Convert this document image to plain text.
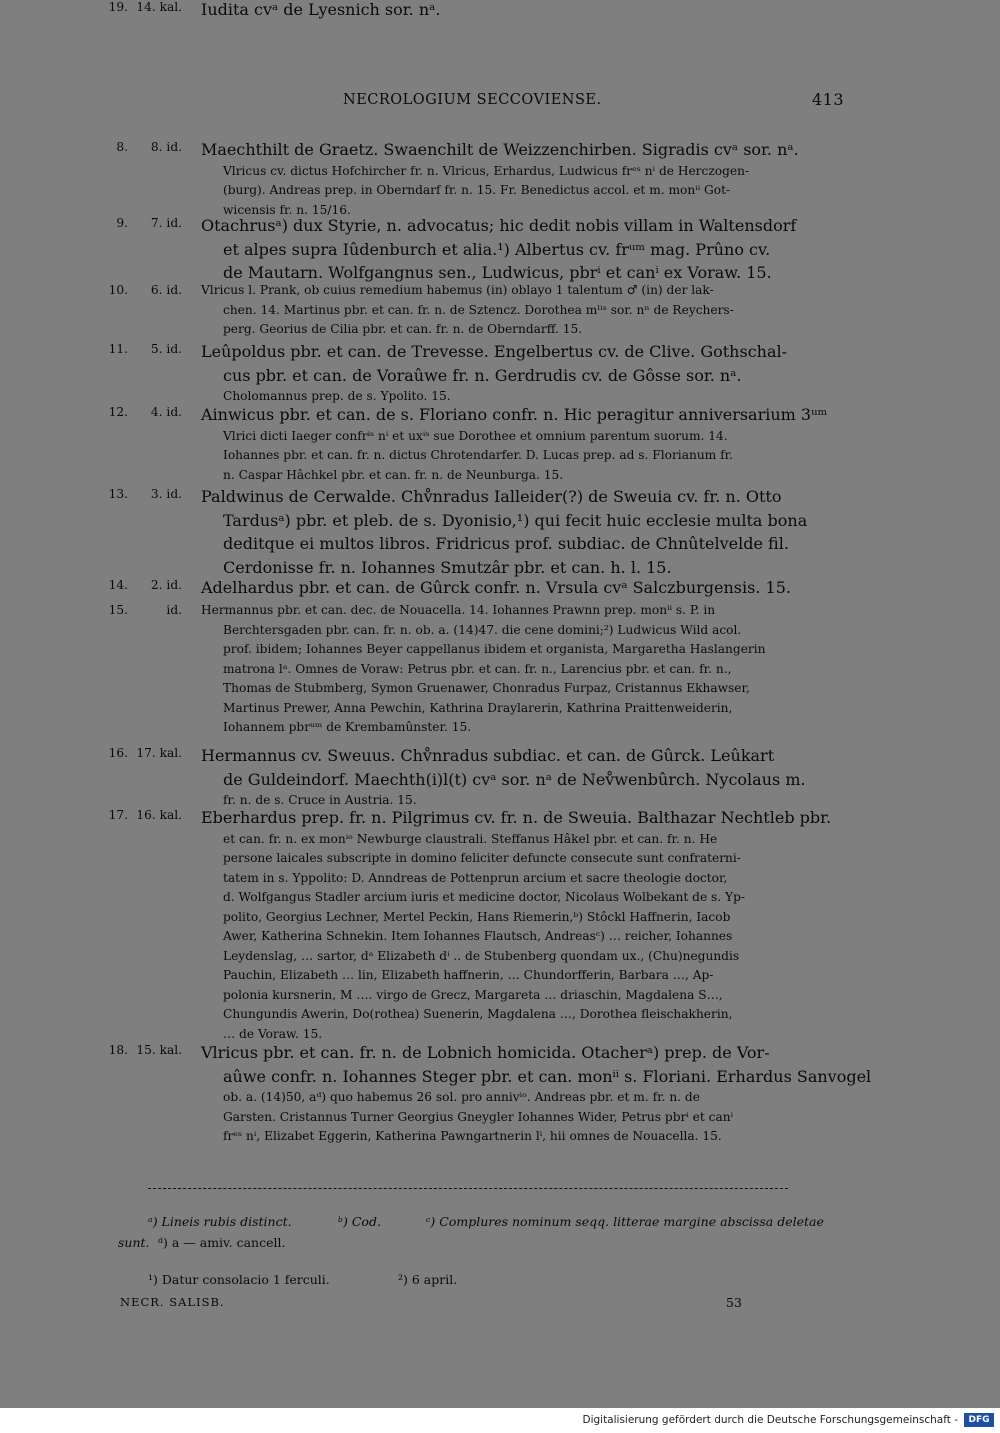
NECROLOGIUM SECCOVIENSE.	413
8.	8. id. Maechthilt de Graetz. Swaenchilt de Weizzenchirben. Sigradis cvᵃ sor. nᵃ.
Vlricus cv. dictus Hofchircher fr. n. Vlricus, Erhardus, Ludwicus frᵉˢ nⁱ de Herczogen-
(burg). Andreas prep. in Oberndarf fr. n. 15. Fr. Benedictus accol. et m. monⁱⁱ Got-
wicensis fr. n. 15/16.
9.	7. id. Otachrusᵃ) dux Styrie, n. advocatus; hic dedit nobis villam in Waltensdorf
et alpes supra Iûdenburch et alia.¹) Albertus cv. frᵘᵐ mag. Prûno cv.
de Mautarn. Wolfgangnus sen., Ludwicus, pbrⁱ et canⁱ ex Voraw. 15.
10.	6. id. Vlricus l. Prank, ob cuius remedium habemus (in) oblayo 1 talentum ♂ (in) der lak-
chen. 14. Martinus pbr. et can. fr. n. de Sztencz. Dorothea mˡⁱˢ sor. nⁿ de Reychers-
perg. Georius de Cilia pbr. et can. fr. n. de Oberndarff. 15.
11.	5. id. Leûpoldus pbr. et can. de Trevesse. Engelbertus cv. de Clive. Gothschal-
cus pbr. et can. de Voraûwe fr. n. Gerdrudis cv. de Gôsse sor. nᵃ.
Cholomannus prep. de s. Ypolito. 15.
12.	4. id. Ainwicus pbr. et can. de s. Floriano confr. n. Hic peragitur anniversarium 3ᵘᵐ
Vlrici dicti Iaeger confrⁱˢ nⁱ et uxⁱˢ sue Dorothee et omnium parentum suorum. 14.
Iohannes pbr. et can. fr. n. dictus Chrotendarfer. D. Lucas prep. ad s. Florianum fr.
n. Caspar Hâchkel pbr. et can. fr. n. de Neunburga. 15.
13.	3. id. Paldwinus de Cerwalde. Chv̊nradus Ialleider(?) de Sweuia cv. fr. n. Otto
Tardusᵃ) pbr. et pleb. de s. Dyonisio,¹) qui fecit huic ecclesie multa bona
deditque ei multos libros. Fridricus prof. subdiac. de Chnûtelvelde fil.
Cerdonisse fr. n. Iohannes Smutzâr pbr. et can. h. l. 15.
14.	2. id. Adelhardus pbr. et can. de Gûrck confr. n. Vrsula cvᵃ Salczburgensis. 15.
15.	id. Hermannus pbr. et can. dec. de Nouacella. 14. Iohannes Prawnn prep. monⁱⁱ s. P. in
Berchtersgaden pbr. can. fr. n. ob. a. (14)47. die cene domini;²) Ludwicus Wild acol.
prof. ibidem; Iohannes Beyer cappellanus ibidem et organista, Margaretha Haslangerin
matrona lᵃ. Omnes de Voraw: Petrus pbr. et can. fr. n., Larencius pbr. et can. fr. n.,
Thomas de Stubmberg, Symon Gruenawer, Chonradus Furpaz, Cristannus Ekhawser,
Martinus Prewer, Anna Pewchin, Kathrina Draylarerin, Kathrina Praittenweiderin,
Iohannem pbrᵘᵐ de Krembamûnster. 15.
16. 17. kal. Hermannus cv. Sweuus. Chv̊nradus subdiac. et can. de Gûrck. Leûkart
de Guldeindorf. Maechth(i)l(t) cvᵃ sor. nᵃ de Nev̊wenbûrch. Nycolaus m.
fr. n. de s. Cruce in Austria. 15.
17. 16. kal. Eberhardus prep. fr. n. Pilgrimus cv. fr. n. de Sweuia. Balthazar Nechtleb pbr.
et can. fr. n. ex monⁱᵒ Newburge claustrali. Steffanus Hâkel pbr. et can. fr. n. He
persone laicales subscripte in domino feliciter defuncte consecute sunt confraterni-
tatem in s. Yppolito: D. Anndreas de Pottenprun arcium et sacre theologie doctor,
d. Wolfgangus Stadler arcium iuris et medicine doctor, Nicolaus Wolbekant de s. Yp-
polito, Georgius Lechner, Mertel Peckin, Hans Riemerin,ᵇ) Stôckl Haffnerin, Iacob
Awer, Katherina Schnekin. Item Iohannes Flautsch, Andreasᶜ) … reicher, Iohannes
Leydenslag, … sartor, dᵃ Elizabeth dⁱ .. de Stubenberg quondam ux., (Chu)negundis
Pauchin, Elizabeth … lin, Elizabeth haffnerin, … Chundorfferin, Barbara …, Ap-
polonia kursnerin, M …. virgo de Grecz, Margareta … driaschin, Magdalena S…,
Chungundis Awerin, Do(rothea) Suenerin, Magdalena …, Dorothea fleischakherin,
… de Voraw. 15.
18. 15. kal. Vlricus pbr. et can. fr. n. de Lobnich homicida. Otacherᵃ) prep. de Vor-
aûwe confr. n. Iohannes Steger pbr. et can. monⁱⁱ s. Floriani. Erhardus Sanvogel
ob. a. (14)50, aᵈ) quo habemus 26 sol. pro annivⁱᵒ. Andreas pbr. et m. fr. n. de
Garsten. Cristannus Turner Georgius Gneygler Iohannes Wider, Petrus pbrⁱ et canⁱ
frᵉˢ nⁱ, Elizabet Eggerin, Katherina Pawngartnerin lⁱ, hii omnes de Nouacella. 15.
19. 14. kal. Iudita cvᵃ de Lyesnich sor. nᵃ.
ᵃ) Lineis rubis distinct.	ᵇ) Cod.	ᶜ) Complures nominum seqq. litterae margine abscissa deletae
sunt. ᵈ) a — amiv. cancell.
¹) Datur consolacio 1 ferculi.	²) 6 april.
NECR. SALISB.	53
Digitalisierung gefördert durch die Deutsche Forschungsgemeinschaft -	DFG
